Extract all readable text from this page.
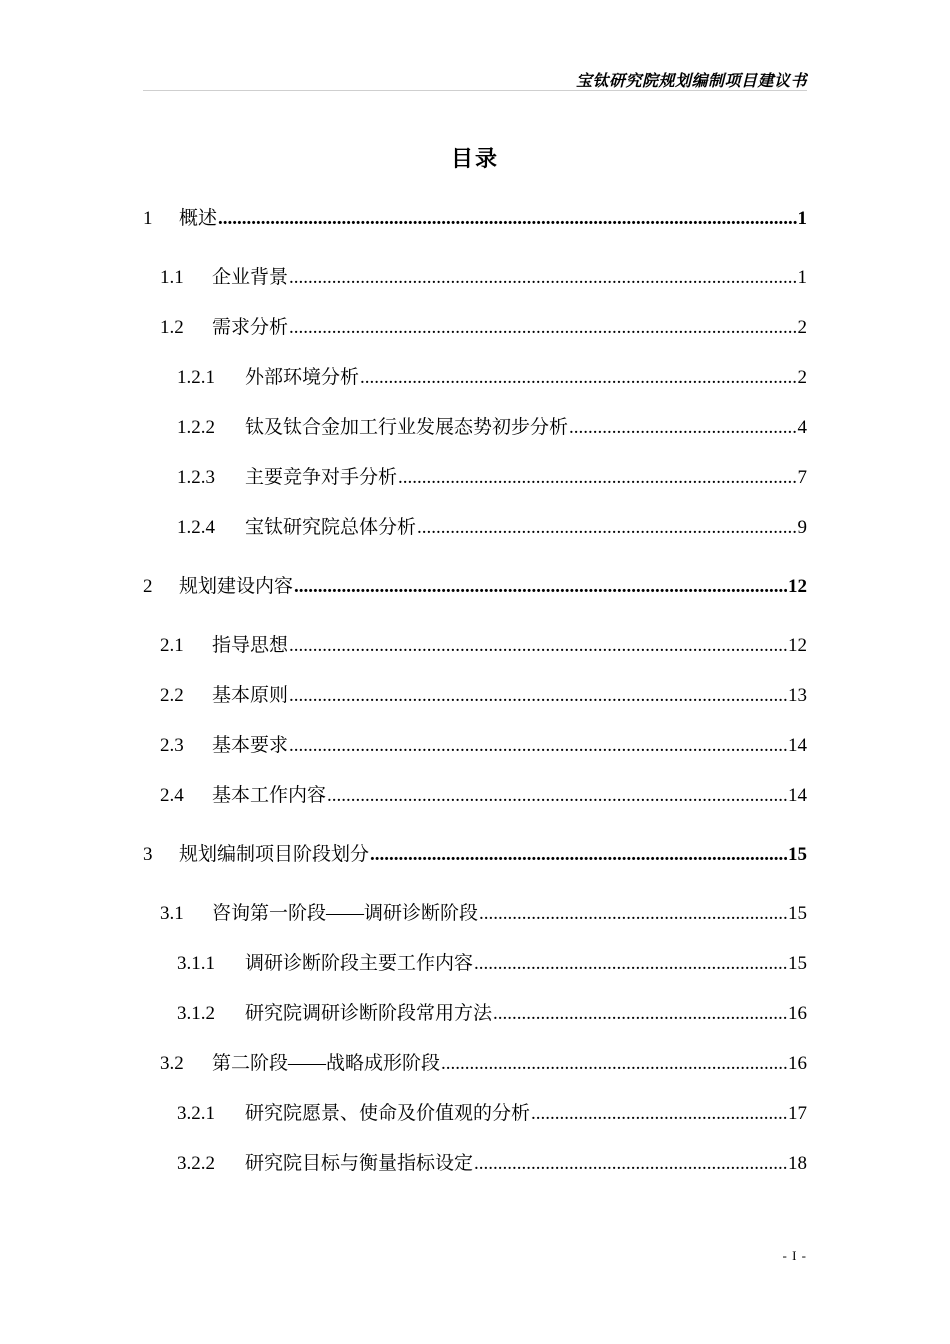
宝钛研究院规划编制项目建议书
目录
1	概述 .....	1
1.1	企业背景 .....	1
1.2	需求分析 .....	2
1.2.1	外部环境分析 .....	2
1.2.2	钛及钛合金加工行业发展态势初步分析 .....	4
1.2.3	主要竞争对手分析 .....	7
1.2.4	宝钛研究院总体分析 .....	9
2	规划建设内容 .....	12
2.1	指导思想 .....	12
2.2	基本原则 .....	13
2.3	基本要求 .....	14
2.4	基本工作内容 .....	14
3	规划编制项目阶段划分 .....	15
3.1	咨询第一阶段——调研诊断阶段 .....	15
3.1.1	调研诊断阶段主要工作内容 .....	15
3.1.2	研究院调研诊断阶段常用方法 .....	16
3.2	第二阶段——战略成形阶段 .....	16
3.2.1	研究院愿景、使命及价值观的分析 .....	17
3.2.2	研究院目标与衡量指标设定 .....	18
- I -
